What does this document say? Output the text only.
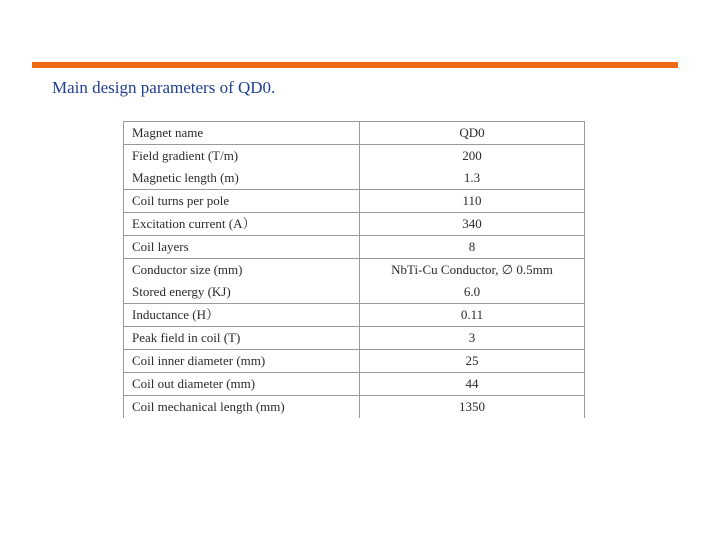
Main design parameters of QD0.
Magnet name	QD0
Field gradient (T/m)	200
Magnetic length (m)	1.3
Coil turns per pole	110
Excitation current (A）	340
Coil layers	8
Conductor size (mm)	NbTi-Cu Conductor, ∅ 0.5mm
Stored energy (KJ)	6.0
Inductance (H）	0.11
Peak field in coil (T)	3
Coil inner diameter (mm)	25
Coil out diameter (mm)	44
Coil mechanical length (mm)	1350
